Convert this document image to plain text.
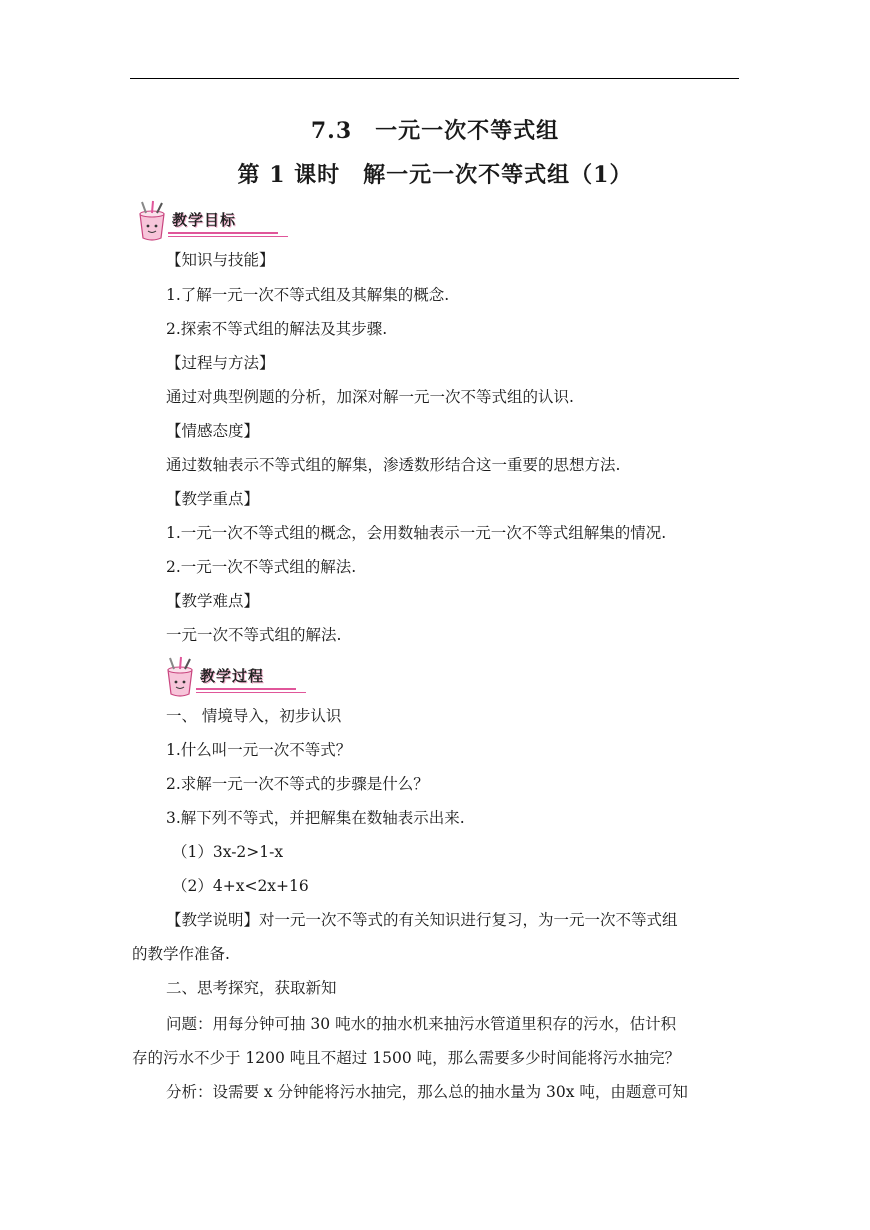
7.3　一元一次不等式组
第 1 课时　解一元一次不等式组（1）
教学目标
教学过程
【知识与技能】
1.了解一元一次不等式组及其解集的概念.
2.探索不等式组的解法及其步骤.
【过程与方法】
通过对典型例题的分析，加深对解一元一次不等式组的认识.
【情感态度】
通过数轴表示不等式组的解集，渗透数形结合这一重要的思想方法.
【教学重点】
1.一元一次不等式组的概念，会用数轴表示一元一次不等式组解集的情况.
2.一元一次不等式组的解法.
【教学难点】
一元一次不等式组的解法.
一、 情境导入，初步认识
1.什么叫一元一次不等式？
2.求解一元一次不等式的步骤是什么？
3.解下列不等式，并把解集在数轴表示出来.
（1）3x-2>1-x
（2）4+x<2x+16
【教学说明】对一元一次不等式的有关知识进行复习，为一元一次不等式组
的教学作准备.
二、思考探究，获取新知
问题：用每分钟可抽 30 吨水的抽水机来抽污水管道里积存的污水，估计积
存的污水不少于 1200 吨且不超过 1500 吨，那么需要多少时间能将污水抽完？
分析：设需要 x 分钟能将污水抽完，那么总的抽水量为 30x 吨，由题意可知
